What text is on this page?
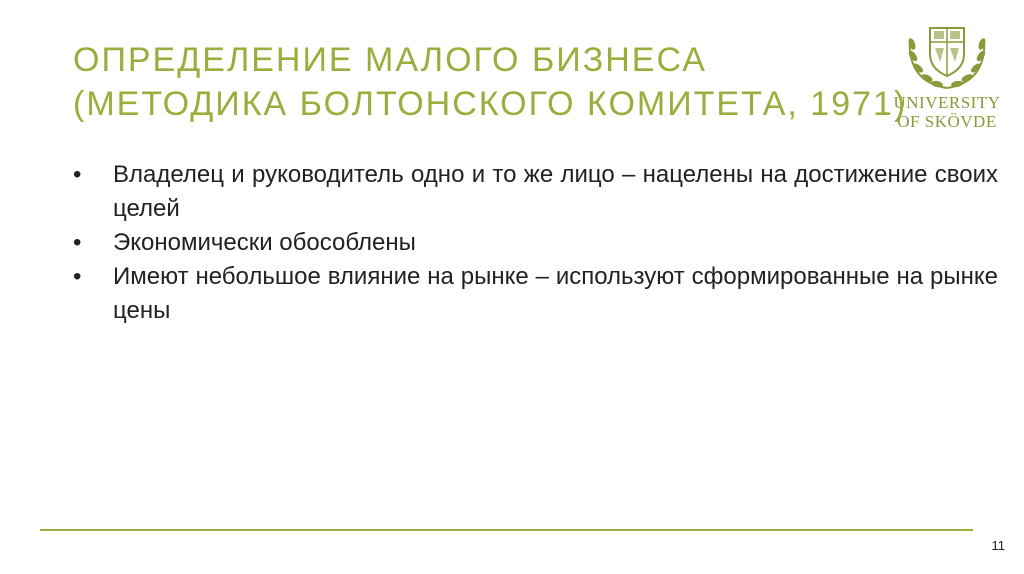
ОПРЕДЕЛЕНИЕ МАЛОГО БИЗНЕСА
(МЕТОДИКА БОЛТОНСКОГО КОМИТЕТА, 1971)
UNIVERSITY
OF SKÖVDE
• Владелец и руководитель одно и то же лицо – нацелены на достижение своих целей
• Экономически обособлены
• Имеют небольшое влияние на рынке – используют сформированные на рынке цены
11
